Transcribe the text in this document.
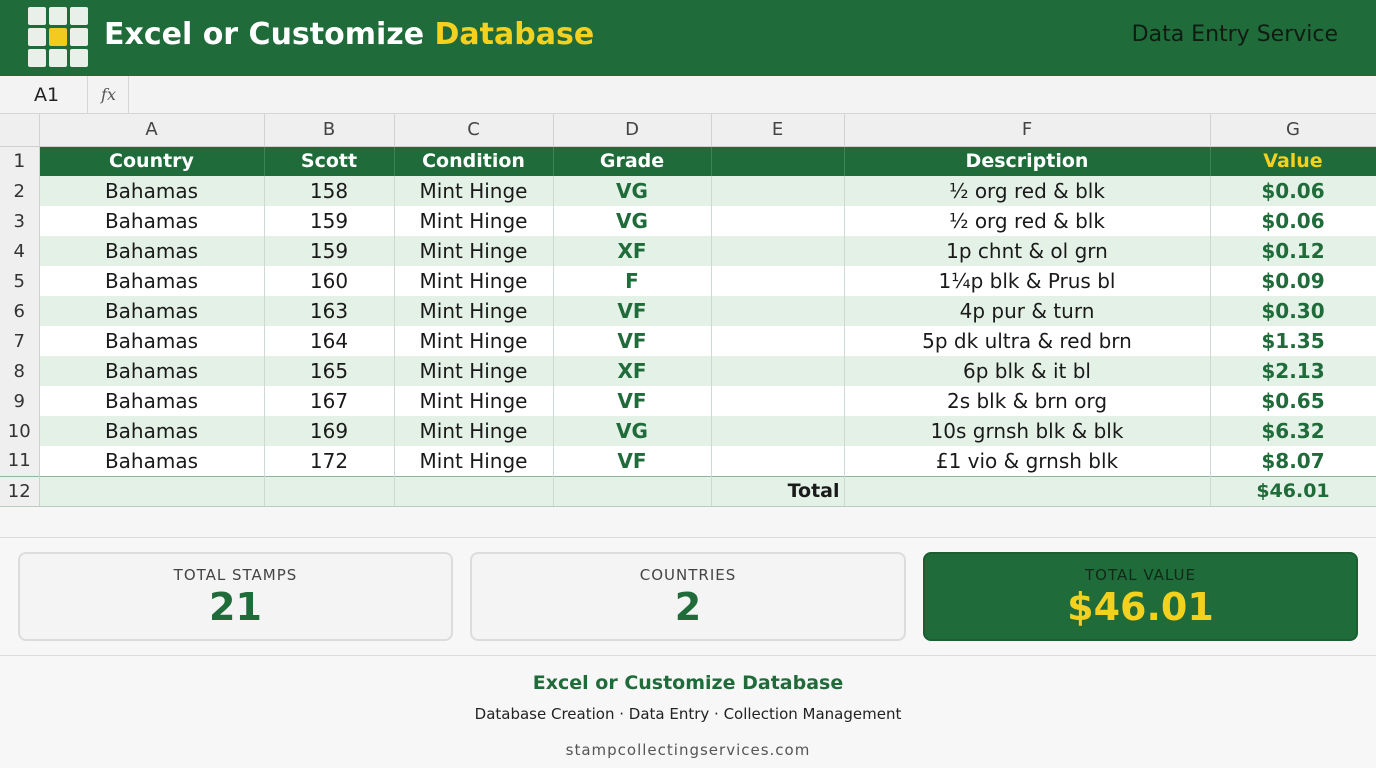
Excel or Customize Database	Data Entry Service
A1	fx
	A	B	C	D	E	F	G
1	Country	Scott	Condition	Grade		Description	Value
2	Bahamas	158	Mint Hinge	VG		½ org red & blk	$0.06
3	Bahamas	159	Mint Hinge	VG		½ org red & blk	$0.06
4	Bahamas	159	Mint Hinge	XF		1p chnt & ol grn	$0.12
5	Bahamas	160	Mint Hinge	F		1¼p blk & Prus bl	$0.09
6	Bahamas	163	Mint Hinge	VF		4p pur & turn	$0.30
7	Bahamas	164	Mint Hinge	VF		5p dk ultra & red brn	$1.35
8	Bahamas	165	Mint Hinge	XF		6p blk & it bl	$2.13
9	Bahamas	167	Mint Hinge	VF		2s blk & brn org	$0.65
10	Bahamas	169	Mint Hinge	VG		10s grnsh blk & blk	$6.32
11	Bahamas	172	Mint Hinge	VF		£1 vio & grnsh blk	$8.07
12					Total		$46.01
TOTAL STAMPS
21
COUNTRIES
2
TOTAL VALUE
$46.01
Excel or Customize Database
Database Creation · Data Entry · Collection Management
stampcollectingservices.com
